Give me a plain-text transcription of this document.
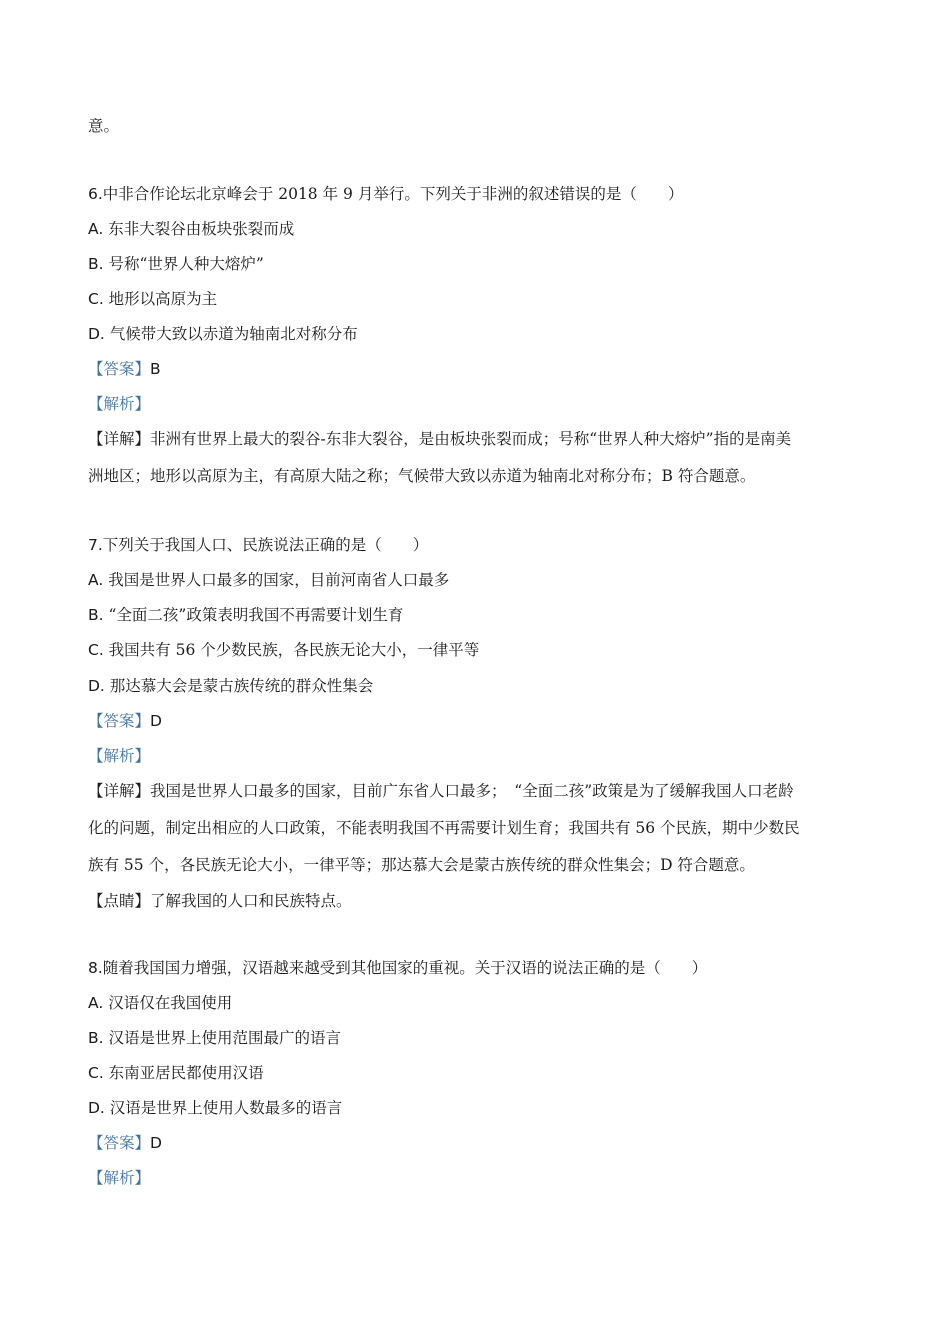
意。
6.中非合作论坛北京峰会于 2018 年 9 月举行。下列关于非洲的叙述错误的是（　　）
A. 东非大裂谷由板块张裂而成
B. 号称“世界人种大熔炉”
C. 地形以高原为主
D. 气候带大致以赤道为轴南北对称分布
【答案】B
【解析】
【详解】非洲有世界上最大的裂谷-东非大裂谷，是由板块张裂而成；号称“世界人种大熔炉”指的是南美
洲地区；地形以高原为主，有高原大陆之称；气候带大致以赤道为轴南北对称分布；B 符合题意。
7.下列关于我国人口、民族说法正确的是（　　）
A. 我国是世界人口最多的国家，目前河南省人口最多
B. “全面二孩”政策表明我国不再需要计划生育
C. 我国共有 56 个少数民族，各民族无论大小，一律平等
D. 那达慕大会是蒙古族传统的群众性集会
【答案】D
【解析】
【详解】我国是世界人口最多的国家，目前广东省人口最多；　“全面二孩”政策是为了缓解我国人口老龄
化的问题，制定出相应的人口政策，不能表明我国不再需要计划生育；我国共有 56 个民族，期中少数民
族有 55 个，各民族无论大小，一律平等；那达慕大会是蒙古族传统的群众性集会；D 符合题意。
【点睛】了解我国的人口和民族特点。
8.随着我国国力增强，汉语越来越受到其他国家的重视。关于汉语的说法正确的是（　　）
A. 汉语仅在我国使用
B. 汉语是世界上使用范围最广的语言
C. 东南亚居民都使用汉语
D. 汉语是世界上使用人数最多的语言
【答案】D
【解析】
